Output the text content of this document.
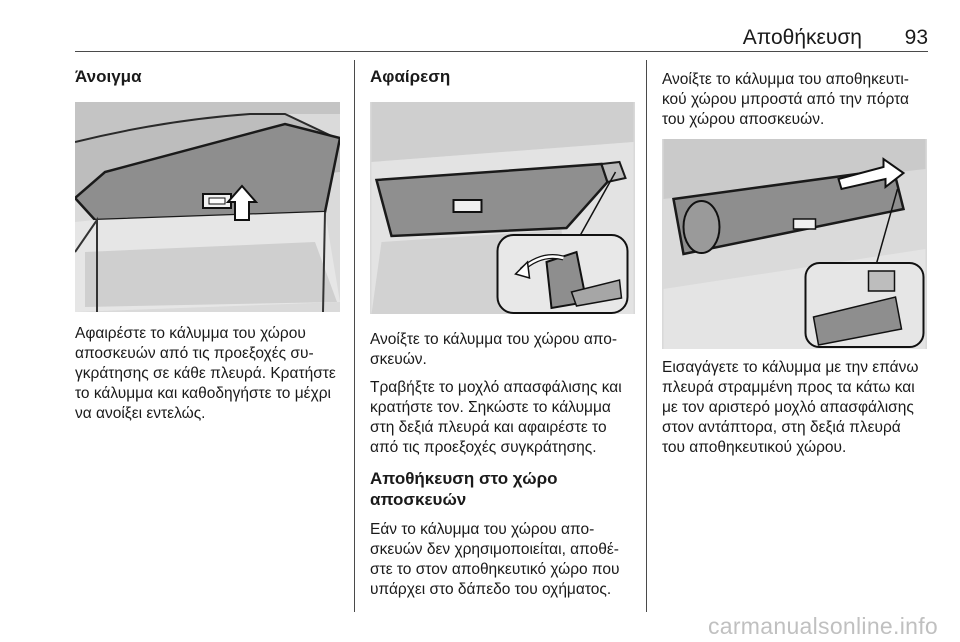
Αποθήκευση	93
Άνοιγμα

Αφαιρέστε το κάλυμμα του χώρου αποσκευών από τις προεξοχές συ-γκράτησης σε κάθε πλευρά. Κρατήστε το κάλυμμα και καθοδηγήστε το μέχρι να ανοίξει εντελώς.

Αφαίρεση

Ανοίξτε το κάλυμμα του χώρου απο-σκευών.

Τραβήξτε το μοχλό απασφάλισης και κρατήστε τον. Σηκώστε το κάλυμμα στη δεξιά πλευρά και αφαιρέστε το από τις προεξοχές συγκράτησης.

Αποθήκευση στο χώρο αποσκευών

Εάν το κάλυμμα του χώρου απο-σκευών δεν χρησιμοποιείται, αποθέ-στε το στον αποθηκευτικό χώρο που υπάρχει στο δάπεδο του οχήματος.

Ανοίξτε το κάλυμμα του αποθηκευτι-κού χώρου μπροστά από την πόρτα του χώρου αποσκευών.

Εισαγάγετε το κάλυμμα με την επάνω πλευρά στραμμένη προς τα κάτω και με τον αριστερό μοχλό απασφάλισης στον αντάπτορα, στη δεξιά πλευρά του αποθηκευτικού χώρου.

carmanualsonline.info
